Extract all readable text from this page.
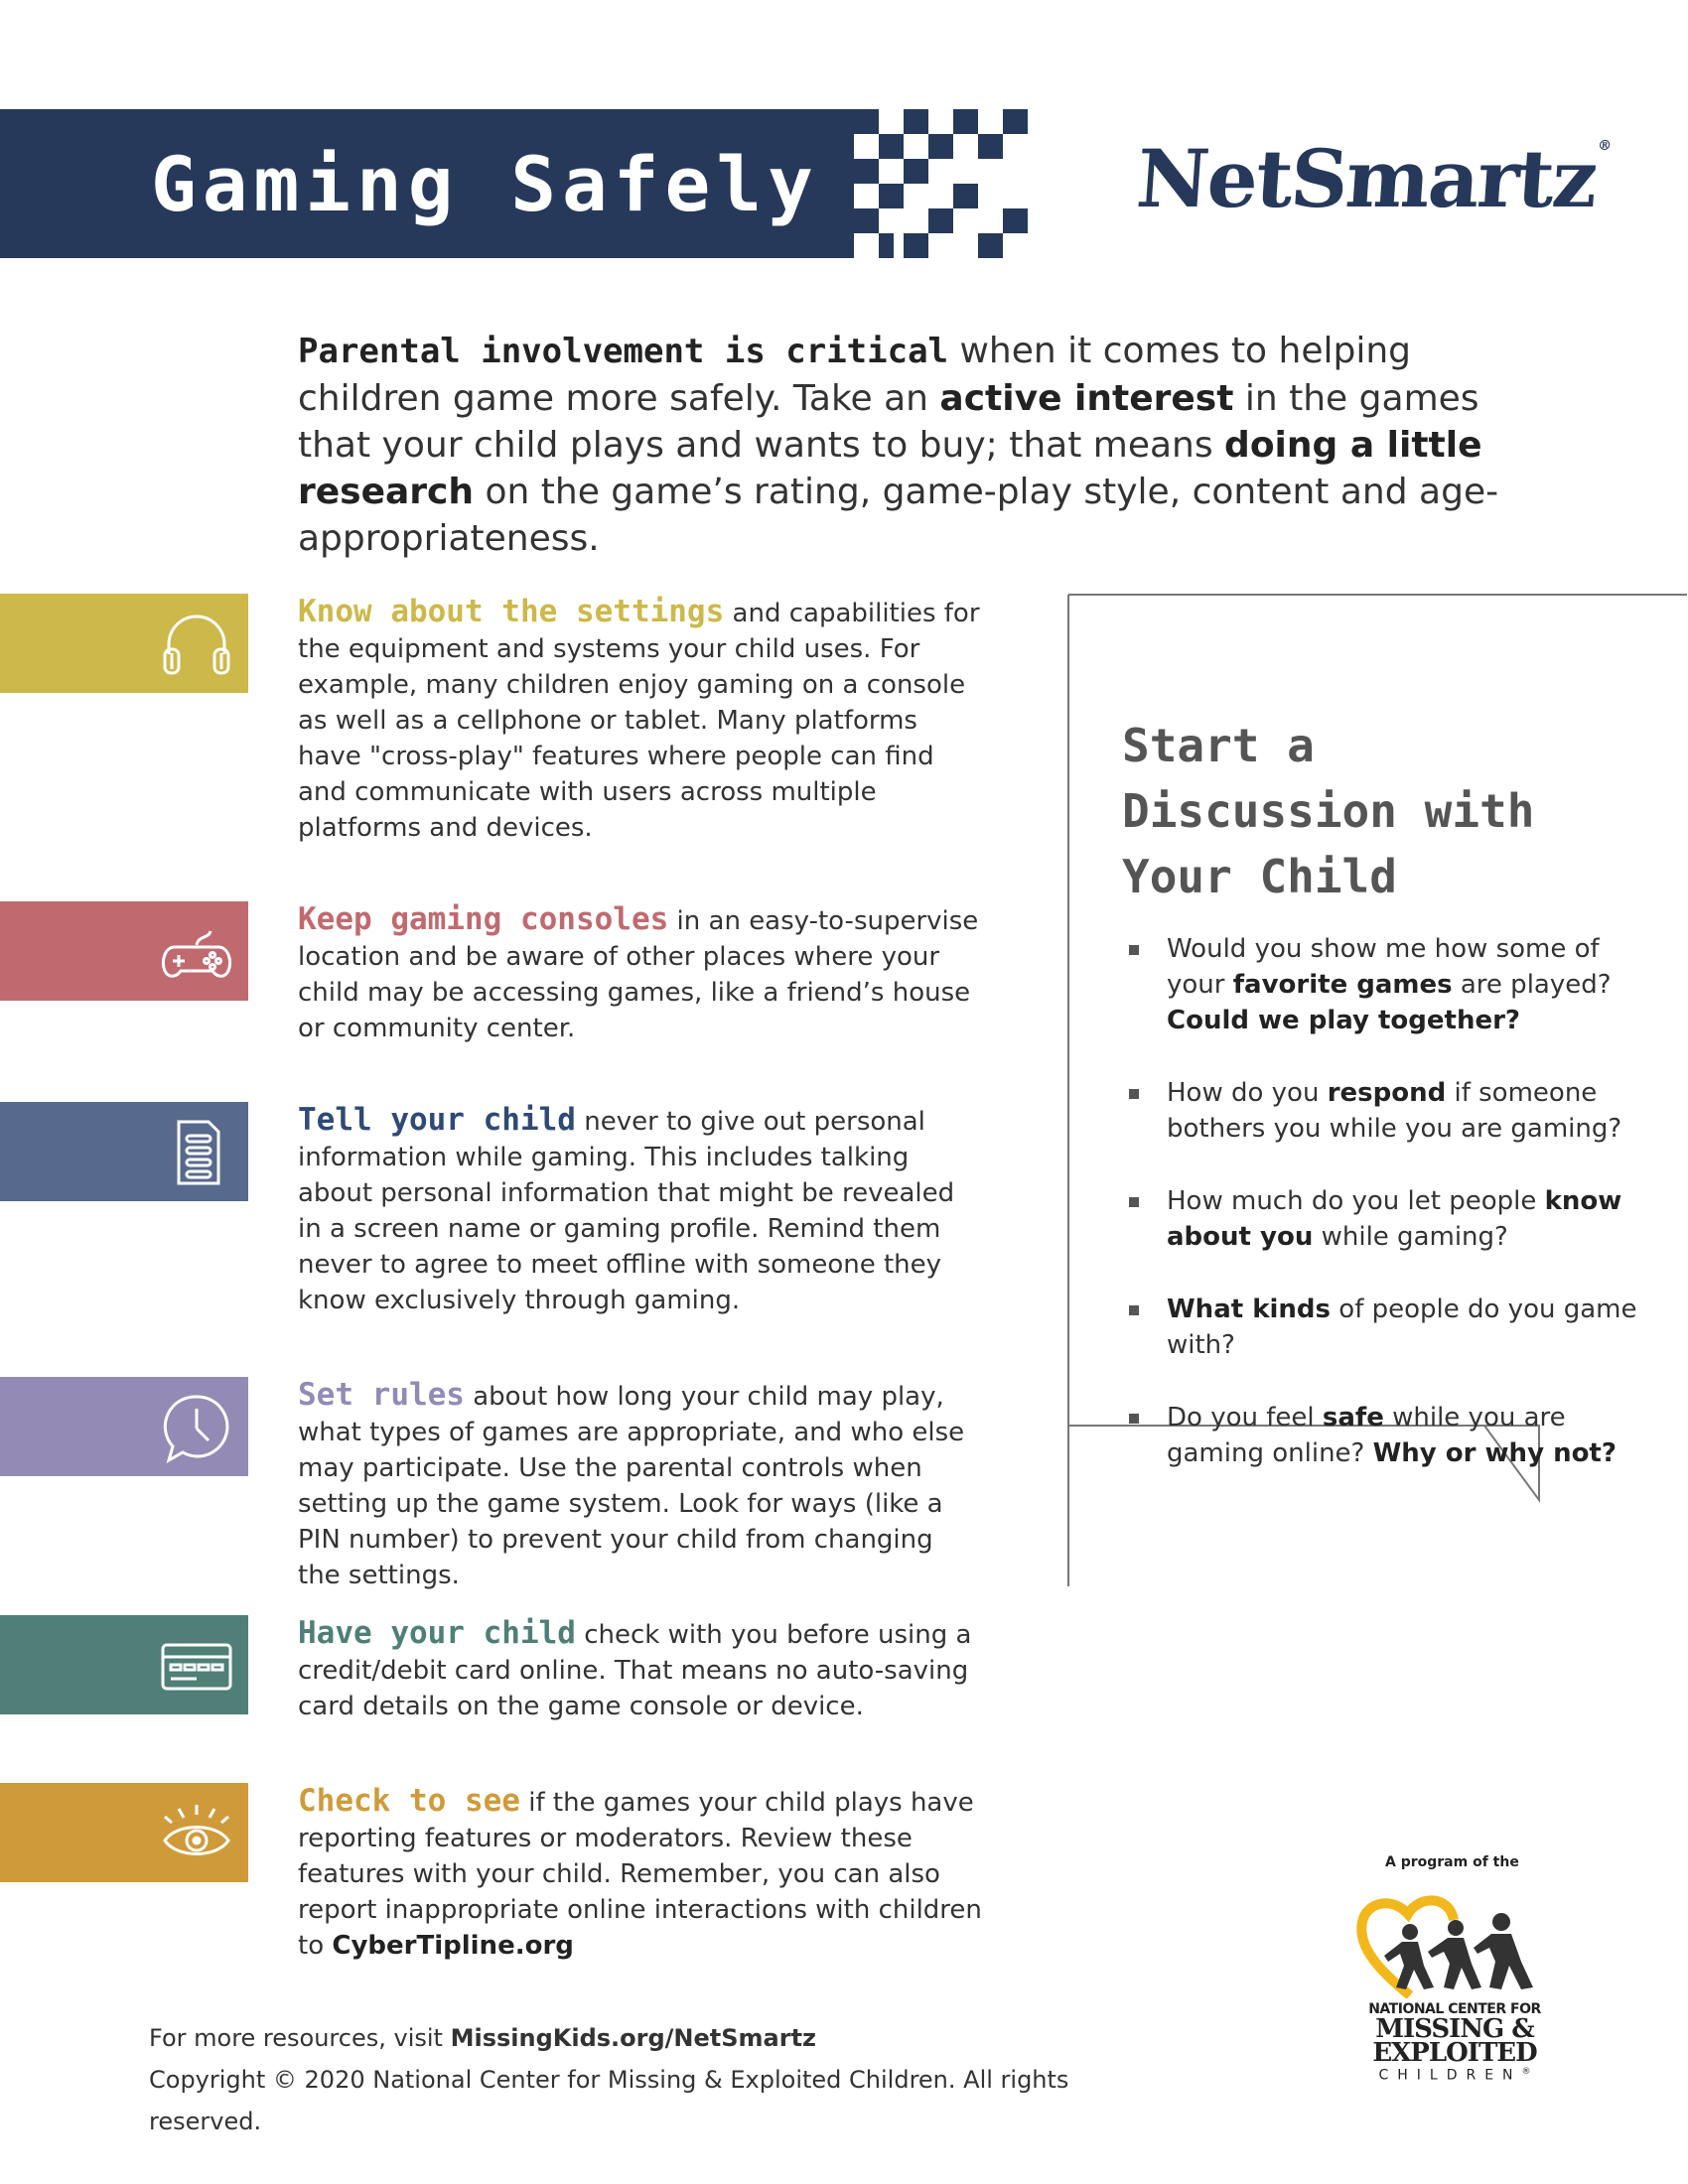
Gaming Safely	NetSmartz®
Parental involvement is critical when it comes to helping children game more safely. Take an active interest in the games that your child plays and wants to buy; that means doing a little research on the game’s rating, game-play style, content and age-appropriateness.
Know about the settings and capabilities for the equipment and systems your child uses. For example, many children enjoy gaming on a console as well as a cellphone or tablet. Many platforms have "cross-play" features where people can find and communicate with users across multiple platforms and devices.
Keep gaming consoles in an easy-to-supervise location and be aware of other places where your child may be accessing games, like a friend’s house or community center.
Tell your child never to give out personal information while gaming. This includes talking about personal information that might be revealed in a screen name or gaming profile. Remind them never to agree to meet offline with someone they know exclusively through gaming.
Set rules about how long your child may play, what types of games are appropriate, and who else may participate. Use the parental controls when setting up the game system. Look for ways (like a PIN number) to prevent your child from changing the settings.
Have your child check with you before using a credit/debit card online. That means no auto-saving card details on the game console or device.
Check to see if the games your child plays have reporting features or moderators. Review these features with your child. Remember, you can also report inappropriate online interactions with children to CyberTipline.org
Start a
Discussion with
Your Child
Would you show me how some of your favorite games are played? Could we play together?
How do you respond if someone bothers you while you are gaming?
How much do you let people know about you while gaming?
What kinds of people do you game with?
Do you feel safe while you are gaming online? Why or why not?
For more resources, visit MissingKids.org/NetSmartz
Copyright © 2020 National Center for Missing & Exploited Children. All rights reserved.
A program of the
NATIONAL CENTER FOR
MISSING &
EXPLOITED
CHILDREN®
